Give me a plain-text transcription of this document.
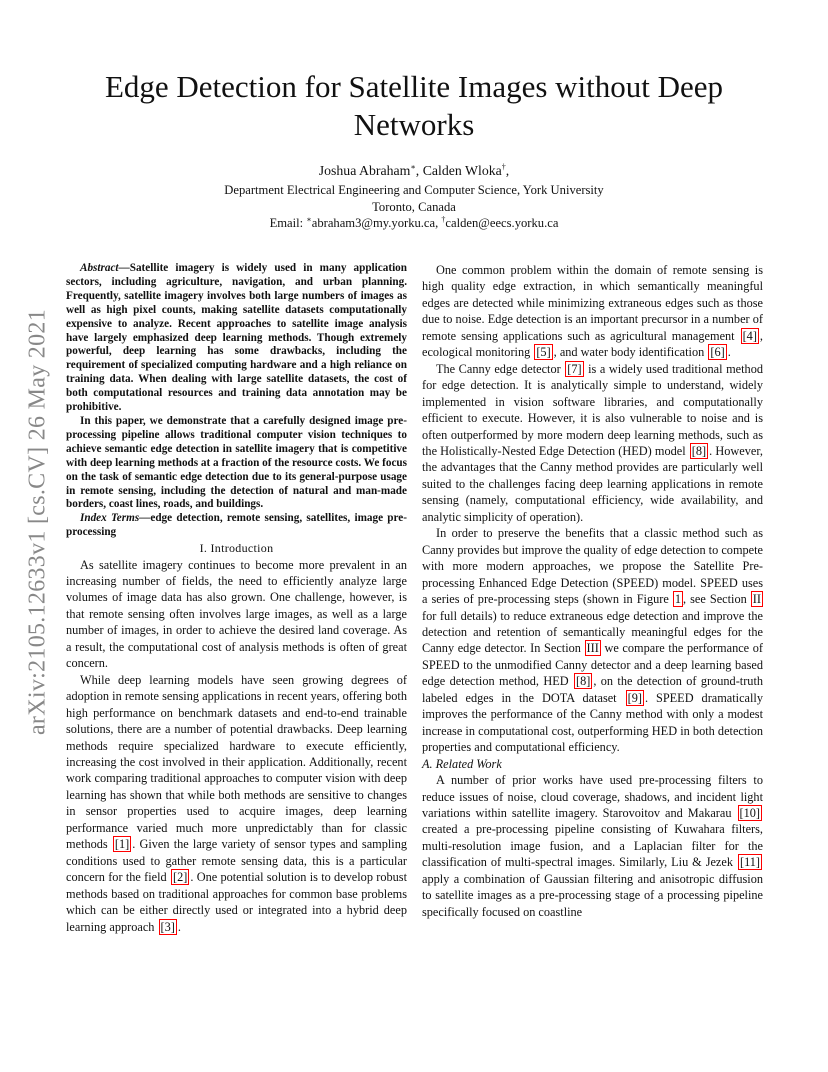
arXiv:2105.12633v1 [cs.CV] 26 May 2021
Edge Detection for Satellite Images without Deep Networks
Joshua Abraham∗, Calden Wloka†,
Department Electrical Engineering and Computer Science, York University
Toronto, Canada
Email: ∗abraham3@my.yorku.ca, †calden@eecs.yorku.ca

Abstract—Satellite imagery is widely used in many application sectors, including agriculture, navigation, and urban planning. Frequently, satellite imagery involves both large numbers of images as well as high pixel counts, making satellite datasets computationally expensive to analyze. Recent approaches to satellite image analysis have largely emphasized deep learning methods. Though extremely powerful, deep learning has some drawbacks, including the requirement of specialized computing hardware and a high reliance on training data. When dealing with large satellite datasets, the cost of both computational resources and training data annotation may be prohibitive.

In this paper, we demonstrate that a carefully designed image pre-processing pipeline allows traditional computer vision techniques to achieve semantic edge detection in satellite imagery that is competitive with deep learning methods at a fraction of the resource costs. We focus on the task of semantic edge detection due to its general-purpose usage in remote sensing, including the detection of natural and man-made borders, coast lines, roads, and buildings.

Index Terms—edge detection, remote sensing, satellites, image pre-processing

I. Introduction

As satellite imagery continues to become more prevalent in an increasing number of fields, the need to efficiently analyze large volumes of image data has also grown. One challenge, however, is that remote sensing often involves large images, as well as a large number of images, in order to achieve the desired land coverage. As a result, the computational cost of analysis methods is often of great concern.

While deep learning models have seen growing degrees of adoption in remote sensing applications in recent years, offering both high performance on benchmark datasets and end-to-end trainable solutions, there are a number of potential drawbacks. Deep learning methods require specialized hardware to execute efficiently, increasing the cost involved in their application. Additionally, recent work comparing traditional approaches to computer vision with deep learning has shown that while both methods are sensitive to changes in sensor properties used to acquire images, deep learning performance varied much more unpredictably than for classic methods [1] . Given the large variety of sensor types and sampling conditions used to gather remote sensing data, this is a particular concern for the field [2] . One potential solution is to develop robust methods based on traditional approaches for common base problems which can be either directly used or integrated into a hybrid deep learning approach [3] .

One common problem within the domain of remote sensing is high quality edge extraction, in which semantically meaningful edges are detected while minimizing extraneous edges such as those due to noise. Edge detection is an important precursor in a number of remote sensing applications such as agricultural management [4] , ecological monitoring [5] , and water body identification [6] .

The Canny edge detector [7] is a widely used traditional method for edge detection. It is analytically simple to understand, widely implemented in vision software libraries, and computationally efficient to execute. However, it is also vulnerable to noise and is often outperformed by more modern deep learning methods, such as the Holistically-Nested Edge Detection (HED) model [8] . However, the advantages that the Canny method provides are particularly well suited to the challenges facing deep learning applications in remote sensing (namely, computational efficiency, wide availability, and analytic simplicity of operation).

In order to preserve the benefits that a classic method such as Canny provides but improve the quality of edge detection to compete with more modern approaches, we propose the Satellite Pre-processing Enhanced Edge Detection (SPEED) model. SPEED uses a series of pre-processing steps (shown in Figure 1 , see Section II for full details) to reduce extraneous edge detection and improve the detection and retention of semantically meaningful edges for the Canny edge detector. In Section III we compare the performance of SPEED to the unmodified Canny detector and a deep learning based edge detection method, HED [8] , on the detection of ground-truth labeled edges in the DOTA dataset [9] . SPEED dramatically improves the performance of the Canny method with only a modest increase in computational cost, outperforming HED in both detection properties and computational efficiency.

A. Related Work

A number of prior works have used pre-processing filters to reduce issues of noise, cloud coverage, shadows, and incident light variations within satellite imagery. Starovoitov and Makarau [10] created a pre-processing pipeline consisting of Kuwahara filters, multi-resolution image fusion, and a Laplacian filter for the classification of multi-spectral images. Similarly, Liu & Jezek [11] apply a combination of Gaussian filtering and anisotropic diffusion to satellite images as a pre-processing stage of a processing pipeline specifically focused on coastline
